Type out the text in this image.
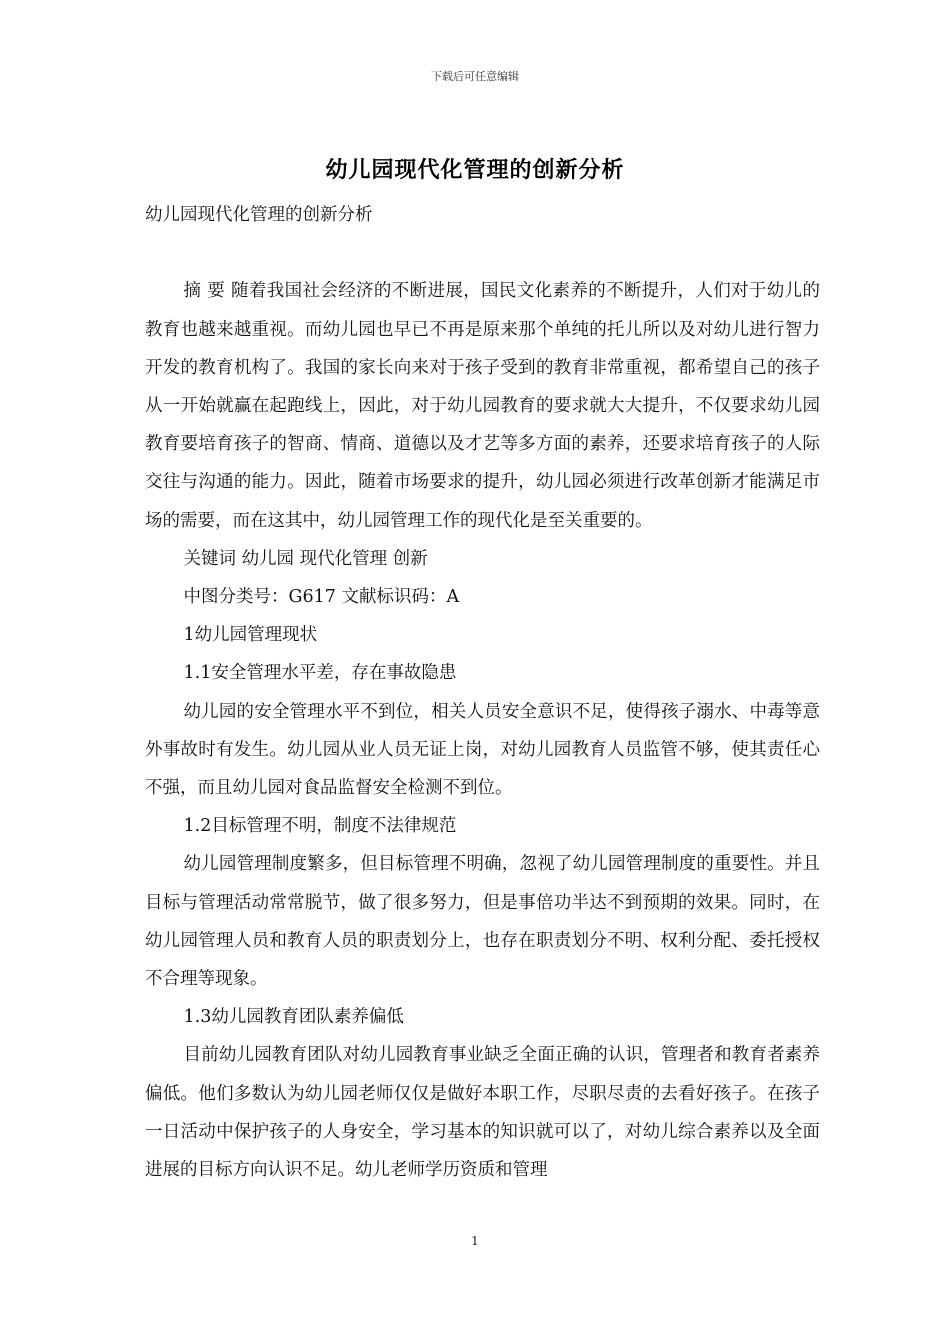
下载后可任意编辑
幼儿园现代化管理的创新分析

幼儿园现代化管理的创新分析

摘 要 随着我国社会经济的不断进展，国民文化素养的不断提升，人们对于幼儿的教育也越来越重视。而幼儿园也早已不再是原来那个单纯的托儿所以及对幼儿进行智力开发的教育机构了。我国的家长向来对于孩子受到的教育非常重视，都希望自己的孩子从一开始就赢在起跑线上，因此，对于幼儿园教育的要求就大大提升，不仅要求幼儿园教育要培育孩子的智商、情商、道德以及才艺等多方面的素养，还要求培育孩子的人际交往与沟通的能力。因此，随着市场要求的提升，幼儿园必须进行改革创新才能满足市场的需要，而在这其中，幼儿园管理工作的现代化是至关重要的。

关键词 幼儿园 现代化管理 创新

中图分类号：G617 文献标识码：A

1幼儿园管理现状

1.1安全管理水平差，存在事故隐患

幼儿园的安全管理水平不到位，相关人员安全意识不足，使得孩子溺水、中毒等意外事故时有发生。幼儿园从业人员无证上岗，对幼儿园教育人员监管不够，使其责任心不强，而且幼儿园对食品监督安全检测不到位。

1.2目标管理不明，制度不法律规范

幼儿园管理制度繁多，但目标管理不明确，忽视了幼儿园管理制度的重要性。并且目标与管理活动常常脱节，做了很多努力，但是事倍功半达不到预期的效果。同时，在幼儿园管理人员和教育人员的职责划分上，也存在职责划分不明、权利分配、委托授权不合理等现象。

1.3幼儿园教育团队素养偏低

目前幼儿园教育团队对幼儿园教育事业缺乏全面正确的认识，管理者和教育者素养偏低。他们多数认为幼儿园老师仅仅是做好本职工作，尽职尽责的去看好孩子。在孩子一日活动中保护孩子的人身安全，学习基本的知识就可以了，对幼儿综合素养以及全面进展的目标方向认识不足。幼儿老师学历资质和管理

1
